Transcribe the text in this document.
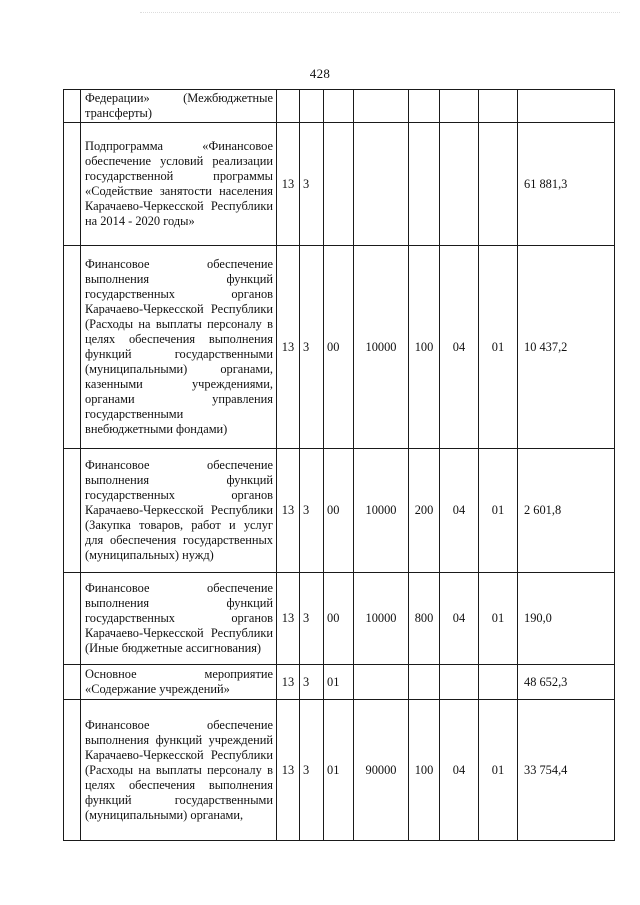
428

	Федерации» (Межбюджетные трансферты)								

	Подпрограмма «Финансовое обеспечение условий реализации государственной программы «Содействие занятости населения Карачаево-Черкесской Республики на 2014 - 2020 годы»	13	3						61 881,3

	Финансовое обеспечение выполнения функций государственных органов Карачаево-Черкесской Республики (Расходы на выплаты персоналу в целях обеспечения выполнения функций государственными (муниципальными) органами, казенными учреждениями, органами управления государственными внебюджетными фондами)	13	3	00	10000	100	04	01	10 437,2

	Финансовое обеспечение выполнения функций государственных органов Карачаево-Черкесской Республики (Закупка товаров, работ и услуг для обеспечения государственных (муниципальных) нужд)	13	3	00	10000	200	04	01	2 601,8

	Финансовое обеспечение выполнения функций государственных органов Карачаево-Черкесской Республики (Иные бюджетные ассигнования)	13	3	00	10000	800	04	01	190,0

	Основное мероприятие «Содержание учреждений»	13	3	01					48 652,3

	Финансовое обеспечение выполнения функций учреждений Карачаево-Черкесской Республики (Расходы на выплаты персоналу в целях обеспечения выполнения функций государственными (муниципальными) органами,	13	3	01	90000	100	04	01	33 754,4
